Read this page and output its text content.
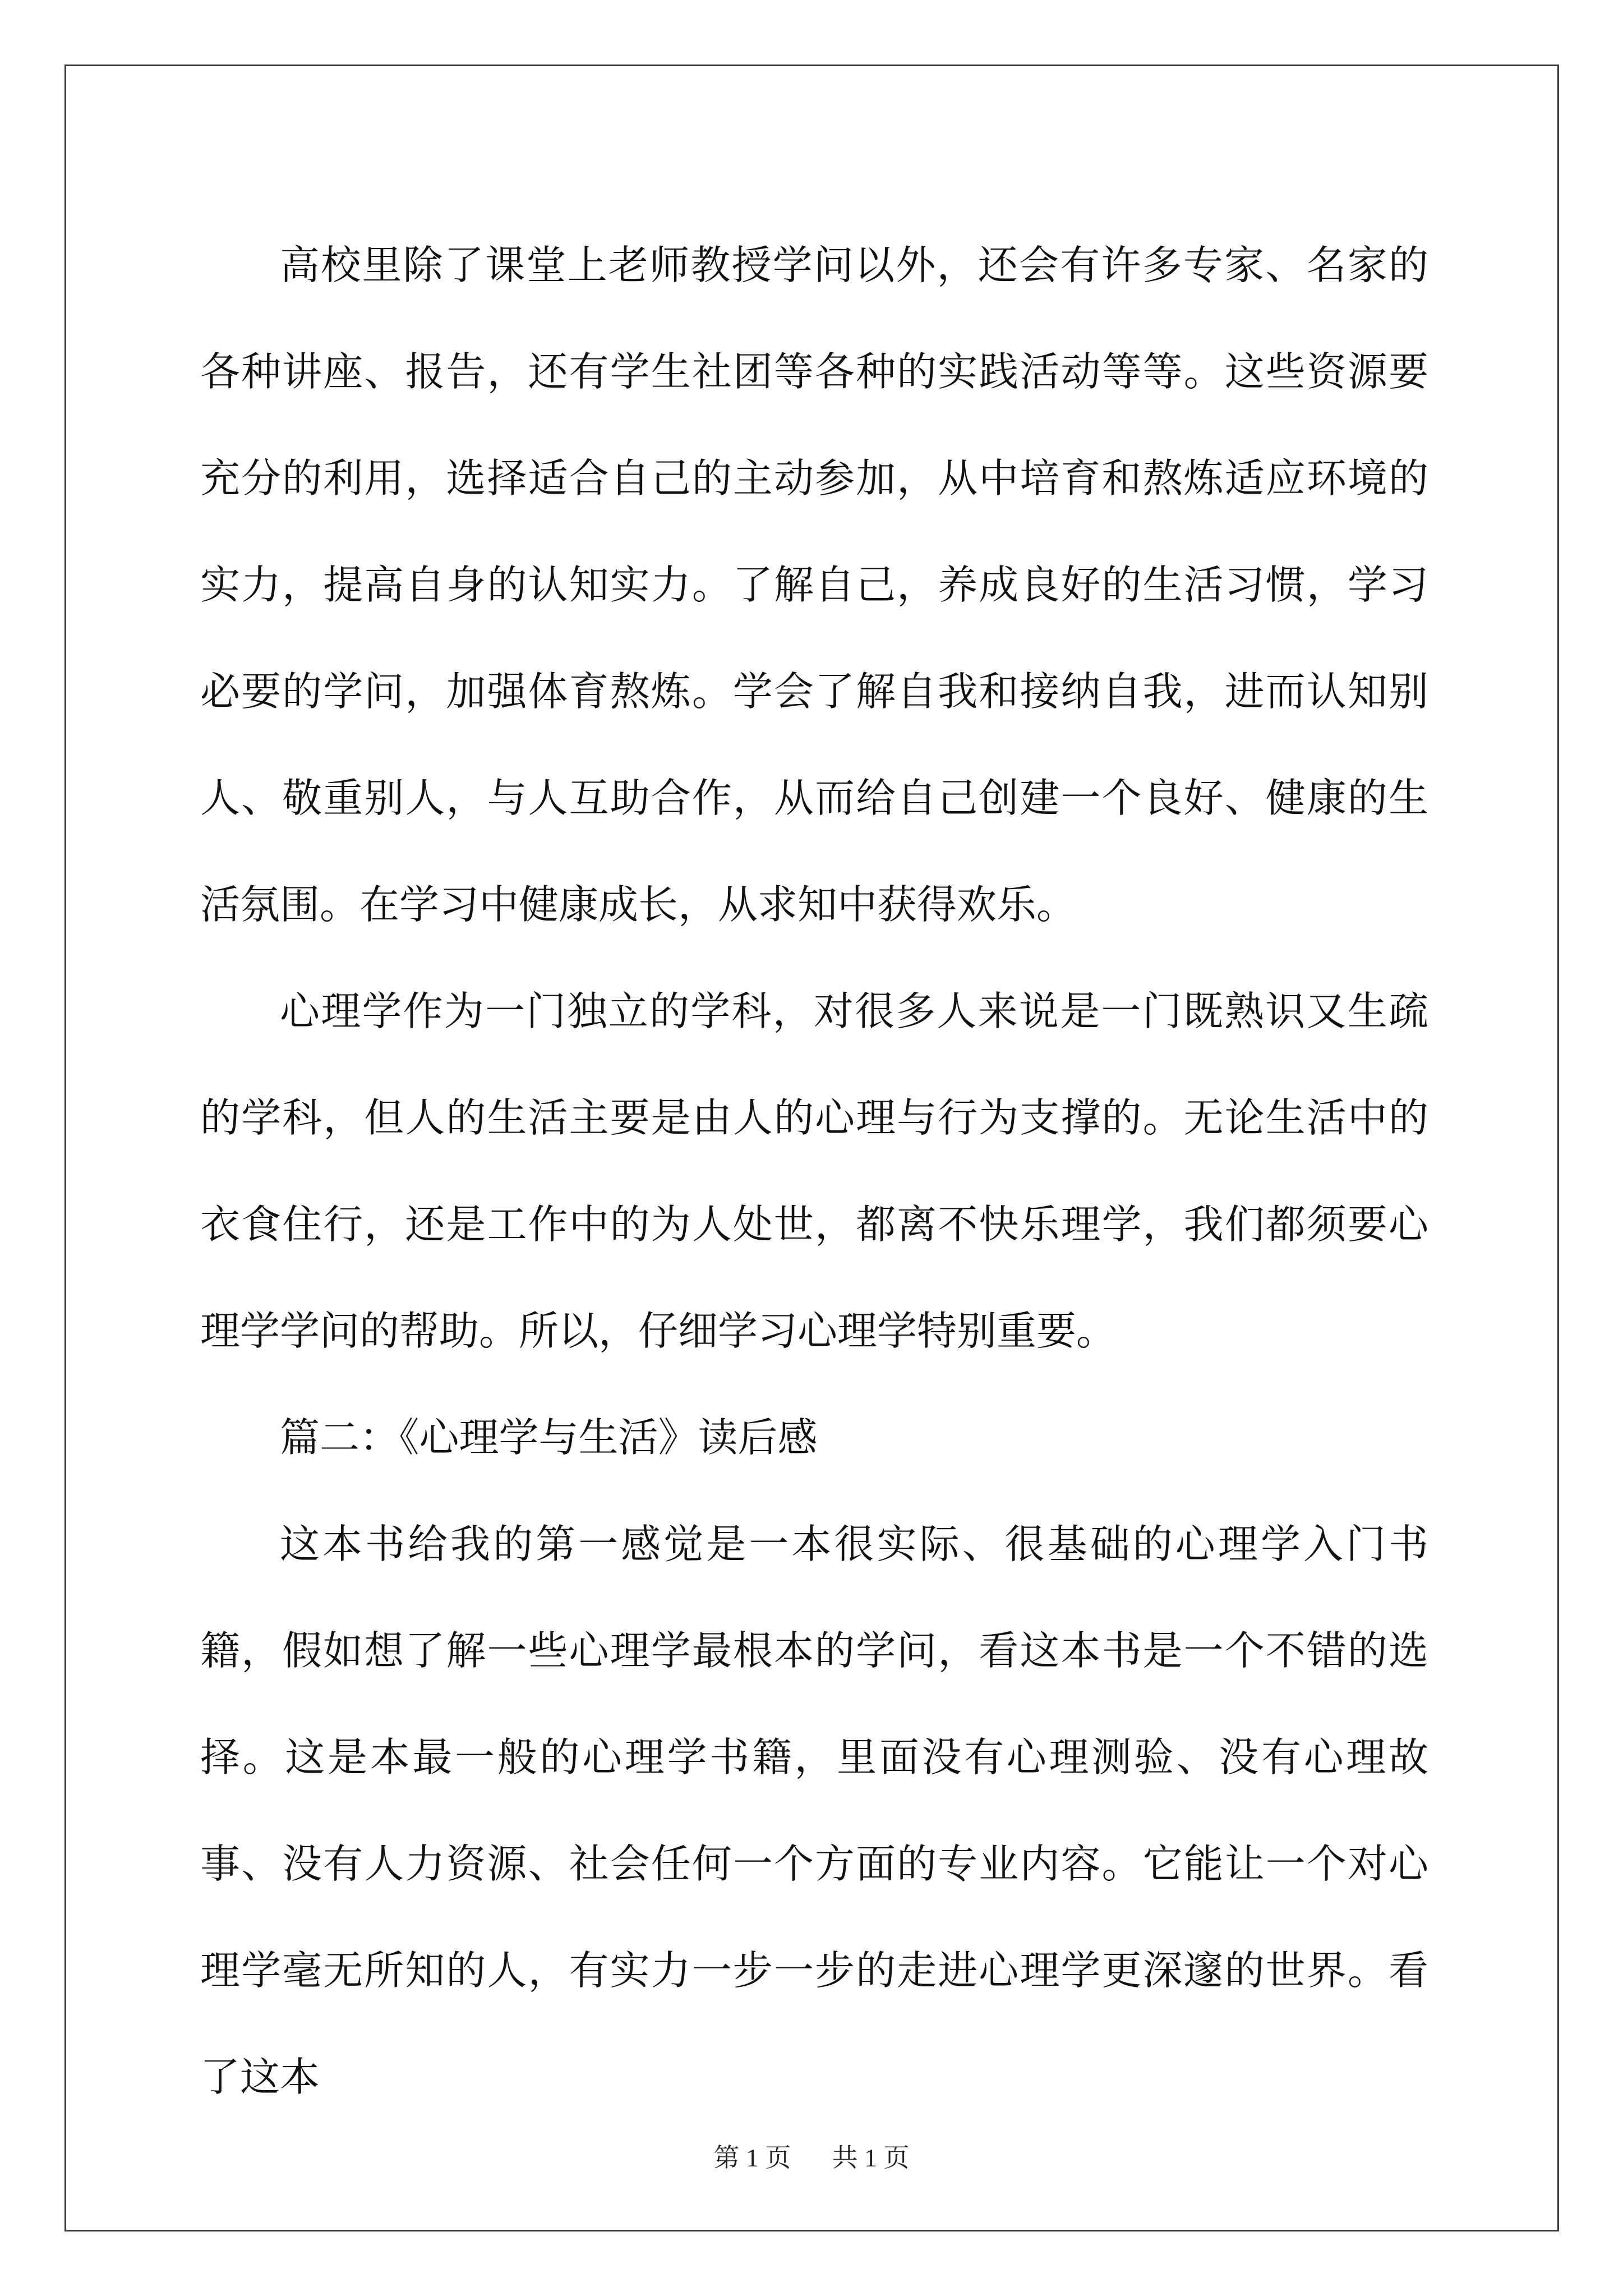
高校里除了课堂上老师教授学问以外，还会有许多专家、名家的各种讲座、报告，还有学生社团等各种的实践活动等等。这些资源要充分的利用，选择适合自己的主动参加，从中培育和熬炼适应环境的实力，提高自身的认知实力。了解自己，养成良好的生活习惯，学习必要的学问，加强体育熬炼。学会了解自我和接纳自我，进而认知别人、敬重别人，与人互助合作，从而给自己创建一个良好、健康的生活氛围。在学习中健康成长，从求知中获得欢乐。

心理学作为一门独立的学科，对很多人来说是一门既熟识又生疏的学科，但人的生活主要是由人的心理与行为支撑的。无论生活中的衣食住行，还是工作中的为人处世，都离不快乐理学，我们都须要心理学学问的帮助。所以，仔细学习心理学特别重要。

篇二：《心理学与生活》读后感

这本书给我的第一感觉是一本很实际、很基础的心理学入门书籍，假如想了解一些心理学最根本的学问，看这本书是一个不错的选择。这是本最一般的心理学书籍，里面没有心理测验、没有心理故事、没有人力资源、社会任何一个方面的专业内容。它能让一个对心理学毫无所知的人，有实力一步一步的走进心理学更深邃的世界。看了这本

第 1 页 共 1 页
